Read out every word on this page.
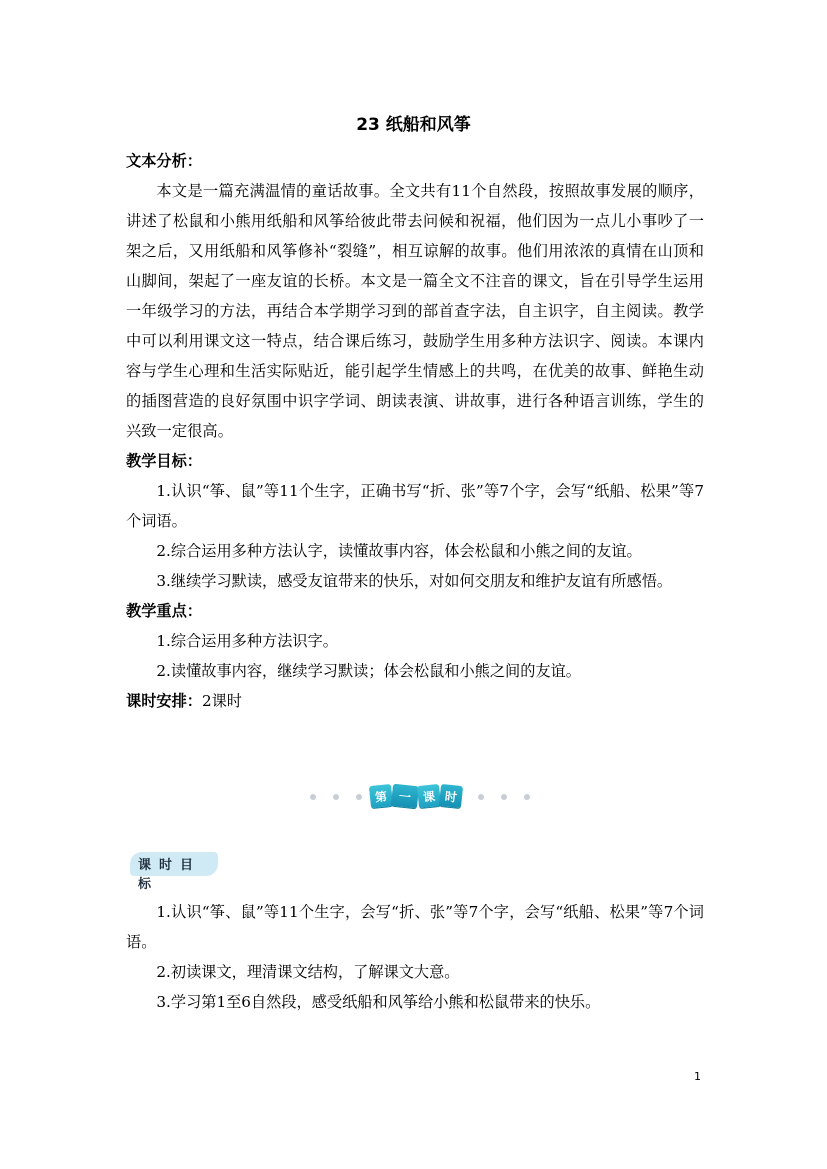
23 纸船和风筝
文本分析：

本文是一篇充满温情的童话故事。全文共有11个自然段，按照故事发展的顺序，讲述了松鼠和小熊用纸船和风筝给彼此带去问候和祝福，他们因为一点儿小事吵了一架之后，又用纸船和风筝修补“裂缝”，相互谅解的故事。他们用浓浓的真情在山顶和山脚间，架起了一座友谊的长桥。本文是一篇全文不注音的课文，旨在引导学生运用一年级学习的方法，再结合本学期学习到的部首查字法，自主识字，自主阅读。教学中可以利用课文这一特点，结合课后练习，鼓励学生用多种方法识字、阅读。本课内容与学生心理和生活实际贴近，能引起学生情感上的共鸣，在优美的故事、鲜艳生动的插图营造的良好氛围中识字学词、朗读表演、讲故事，进行各种语言训练，学生的兴致一定很高。

教学目标：

1.认识“筝、鼠”等11个生字，正确书写“折、张”等7个字，会写“纸船、松果”等7个词语。

2.综合运用多种方法认字，读懂故事内容，体会松鼠和小熊之间的友谊。

3.继续学习默读，感受友谊带来的快乐，对如何交朋友和维护友谊有所感悟。

教学重点：

1.综合运用多种方法识字。

2.读懂故事内容，继续学习默读；体会松鼠和小熊之间的友谊。

课时安排：2课时
第 一 课 时
课时目标

1.认识“筝、鼠”等11个生字，会写“折、张”等7个字，会写“纸船、松果”等7个词语。

2.初读课文，理清课文结构，了解课文大意。

3.学习第1至6自然段，感受纸船和风筝给小熊和松鼠带来的快乐。

1
